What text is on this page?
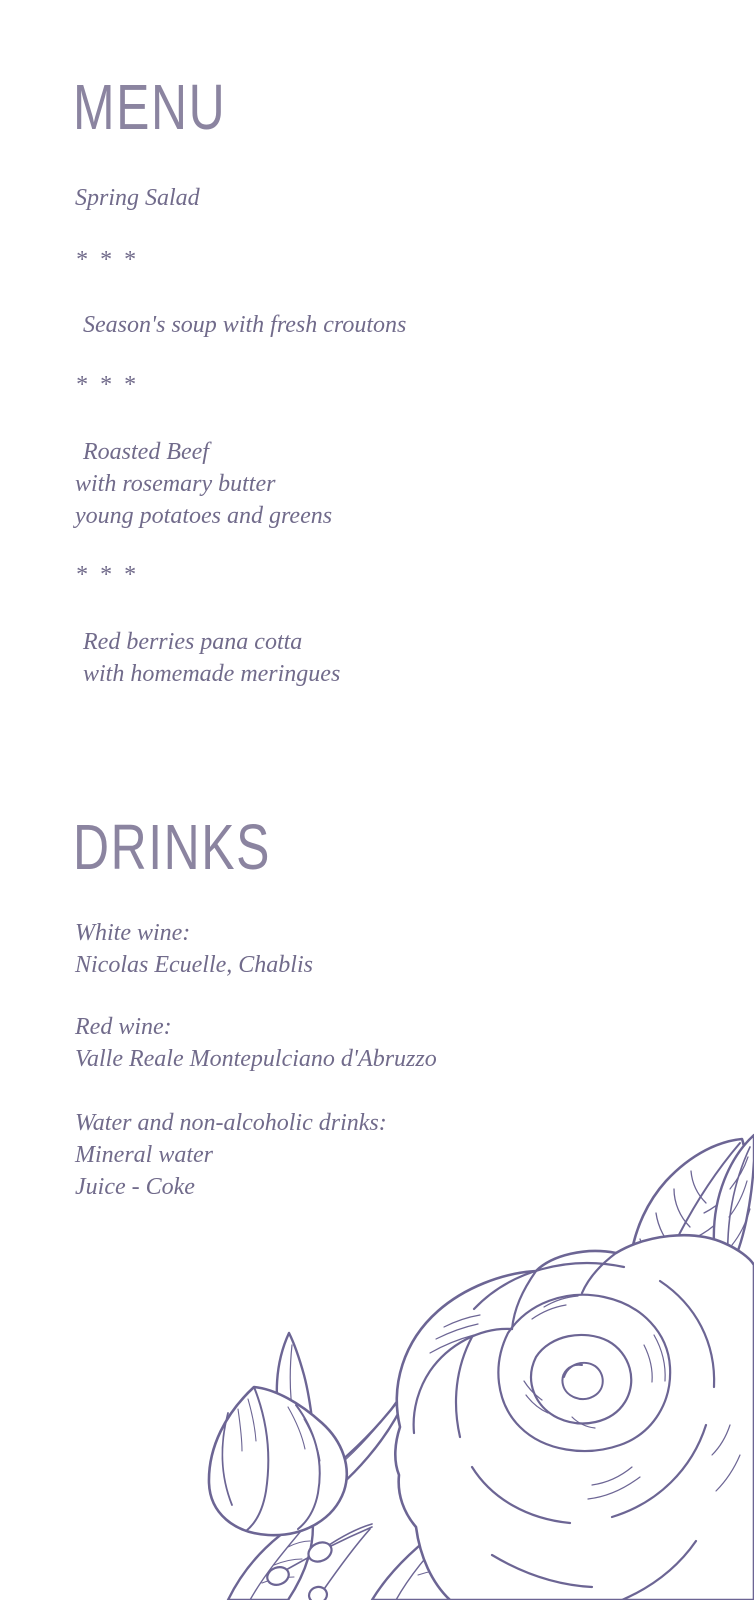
MENU

Spring Salad

* * *

Season's soup with fresh croutons

* * *

Roasted Beef

with rosemary butter

young potatoes and greens

* * *

Red berries pana cotta

with homemade meringues

DRINKS

White wine:

Nicolas Ecuelle, Chablis

Red wine:

Valle Reale Montepulciano d'Abruzzo

Water and non-alcoholic drinks:

Mineral water

Juice - Coke
